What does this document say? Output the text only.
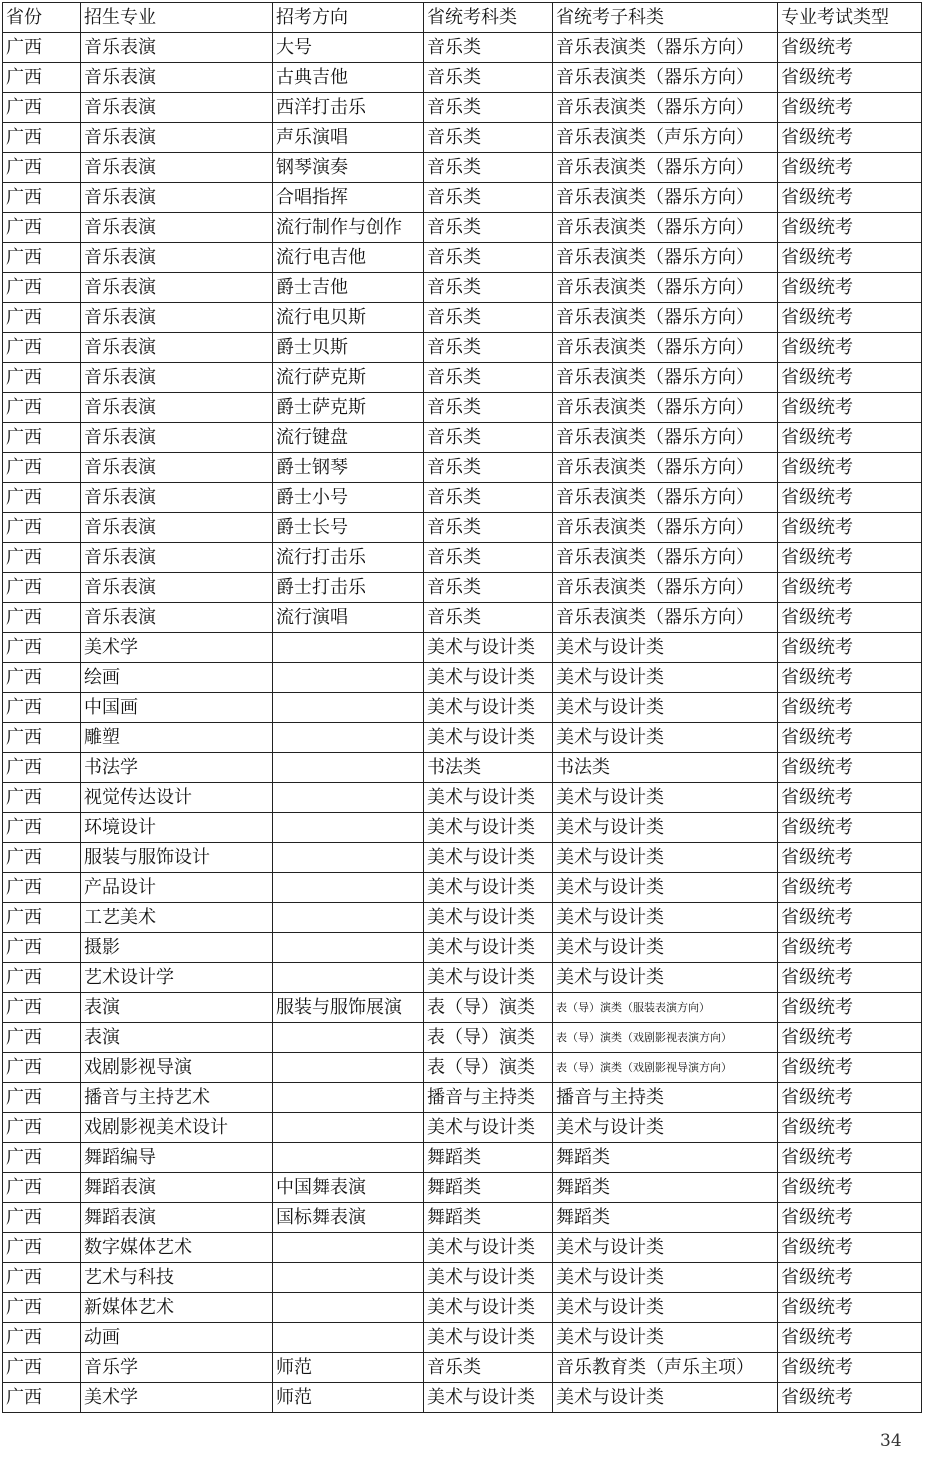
省份	招生专业	招考方向	省统考科类	省统考子科类	专业考试类型
广西	音乐表演	大号	音乐类	音乐表演类（器乐方向）	省级统考
广西	音乐表演	古典吉他	音乐类	音乐表演类（器乐方向）	省级统考
广西	音乐表演	西洋打击乐	音乐类	音乐表演类（器乐方向）	省级统考
广西	音乐表演	声乐演唱	音乐类	音乐表演类（声乐方向）	省级统考
广西	音乐表演	钢琴演奏	音乐类	音乐表演类（器乐方向）	省级统考
广西	音乐表演	合唱指挥	音乐类	音乐表演类（器乐方向）	省级统考
广西	音乐表演	流行制作与创作	音乐类	音乐表演类（器乐方向）	省级统考
广西	音乐表演	流行电吉他	音乐类	音乐表演类（器乐方向）	省级统考
广西	音乐表演	爵士吉他	音乐类	音乐表演类（器乐方向）	省级统考
广西	音乐表演	流行电贝斯	音乐类	音乐表演类（器乐方向）	省级统考
广西	音乐表演	爵士贝斯	音乐类	音乐表演类（器乐方向）	省级统考
广西	音乐表演	流行萨克斯	音乐类	音乐表演类（器乐方向）	省级统考
广西	音乐表演	爵士萨克斯	音乐类	音乐表演类（器乐方向）	省级统考
广西	音乐表演	流行键盘	音乐类	音乐表演类（器乐方向）	省级统考
广西	音乐表演	爵士钢琴	音乐类	音乐表演类（器乐方向）	省级统考
广西	音乐表演	爵士小号	音乐类	音乐表演类（器乐方向）	省级统考
广西	音乐表演	爵士长号	音乐类	音乐表演类（器乐方向）	省级统考
广西	音乐表演	流行打击乐	音乐类	音乐表演类（器乐方向）	省级统考
广西	音乐表演	爵士打击乐	音乐类	音乐表演类（器乐方向）	省级统考
广西	音乐表演	流行演唱	音乐类	音乐表演类（器乐方向）	省级统考
广西	美术学		美术与设计类	美术与设计类	省级统考
广西	绘画		美术与设计类	美术与设计类	省级统考
广西	中国画		美术与设计类	美术与设计类	省级统考
广西	雕塑		美术与设计类	美术与设计类	省级统考
广西	书法学		书法类	书法类	省级统考
广西	视觉传达设计		美术与设计类	美术与设计类	省级统考
广西	环境设计		美术与设计类	美术与设计类	省级统考
广西	服装与服饰设计		美术与设计类	美术与设计类	省级统考
广西	产品设计		美术与设计类	美术与设计类	省级统考
广西	工艺美术		美术与设计类	美术与设计类	省级统考
广西	摄影		美术与设计类	美术与设计类	省级统考
广西	艺术设计学		美术与设计类	美术与设计类	省级统考
广西	表演	服装与服饰展演	表（导）演类	表（导）演类（服装表演方向）	省级统考
广西	表演		表（导）演类	表（导）演类（戏剧影视表演方向）	省级统考
广西	戏剧影视导演		表（导）演类	表（导）演类（戏剧影视导演方向）	省级统考
广西	播音与主持艺术		播音与主持类	播音与主持类	省级统考
广西	戏剧影视美术设计		美术与设计类	美术与设计类	省级统考
广西	舞蹈编导		舞蹈类	舞蹈类	省级统考
广西	舞蹈表演	中国舞表演	舞蹈类	舞蹈类	省级统考
广西	舞蹈表演	国标舞表演	舞蹈类	舞蹈类	省级统考
广西	数字媒体艺术		美术与设计类	美术与设计类	省级统考
广西	艺术与科技		美术与设计类	美术与设计类	省级统考
广西	新媒体艺术		美术与设计类	美术与设计类	省级统考
广西	动画		美术与设计类	美术与设计类	省级统考
广西	音乐学	师范	音乐类	音乐教育类（声乐主项）	省级统考
广西	美术学	师范	美术与设计类	美术与设计类	省级统考
34
